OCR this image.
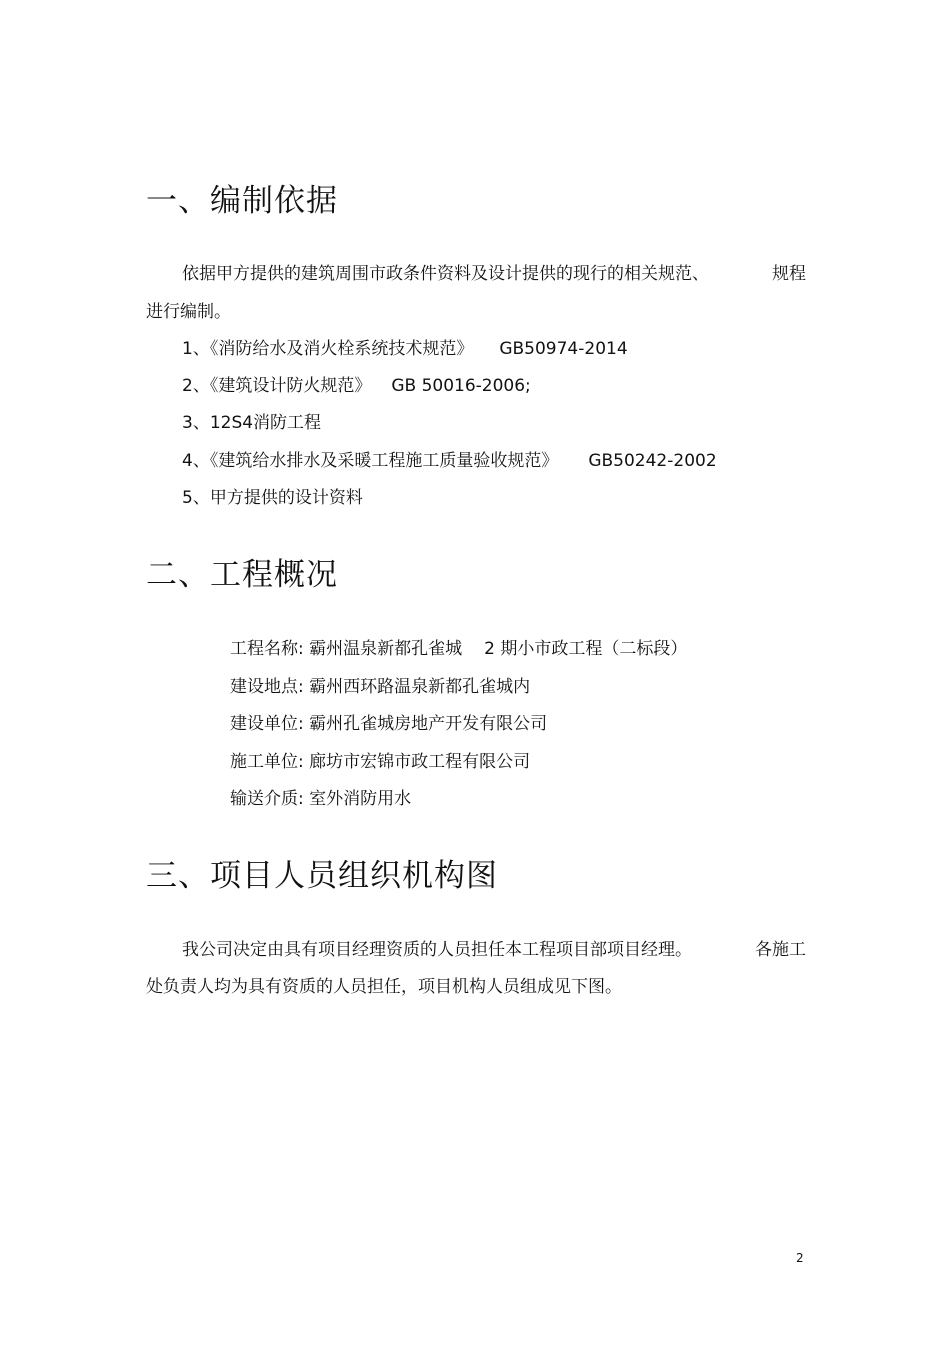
一、编制依据
依据甲方提供的建筑周围市政条件资料及设计提供的现行的相关规范、	规程
进行编制。
1、《消防给水及消火栓系统技术规范》 GB50974-2014
2、《建筑设计防火规范》 GB 50016-2006;
3、12S4消防工程
4、《建筑给水排水及采暖工程施工质量验收规范》 GB50242-2002
5、甲方提供的设计资料
二、工程概况
工程名称: 霸州温泉新都孔雀城 2 期小市政工程（二标段）
建设地点: 霸州西环路温泉新都孔雀城内
建设单位: 霸州孔雀城房地产开发有限公司
施工单位: 廊坊市宏锦市政工程有限公司
输送介质: 室外消防用水
三、项目人员组织机构图
我公司决定由具有项目经理资质的人员担任本工程项目部项目经理。	各施工
处负责人均为具有资质的人员担任，项目机构人员组成见下图。
2
